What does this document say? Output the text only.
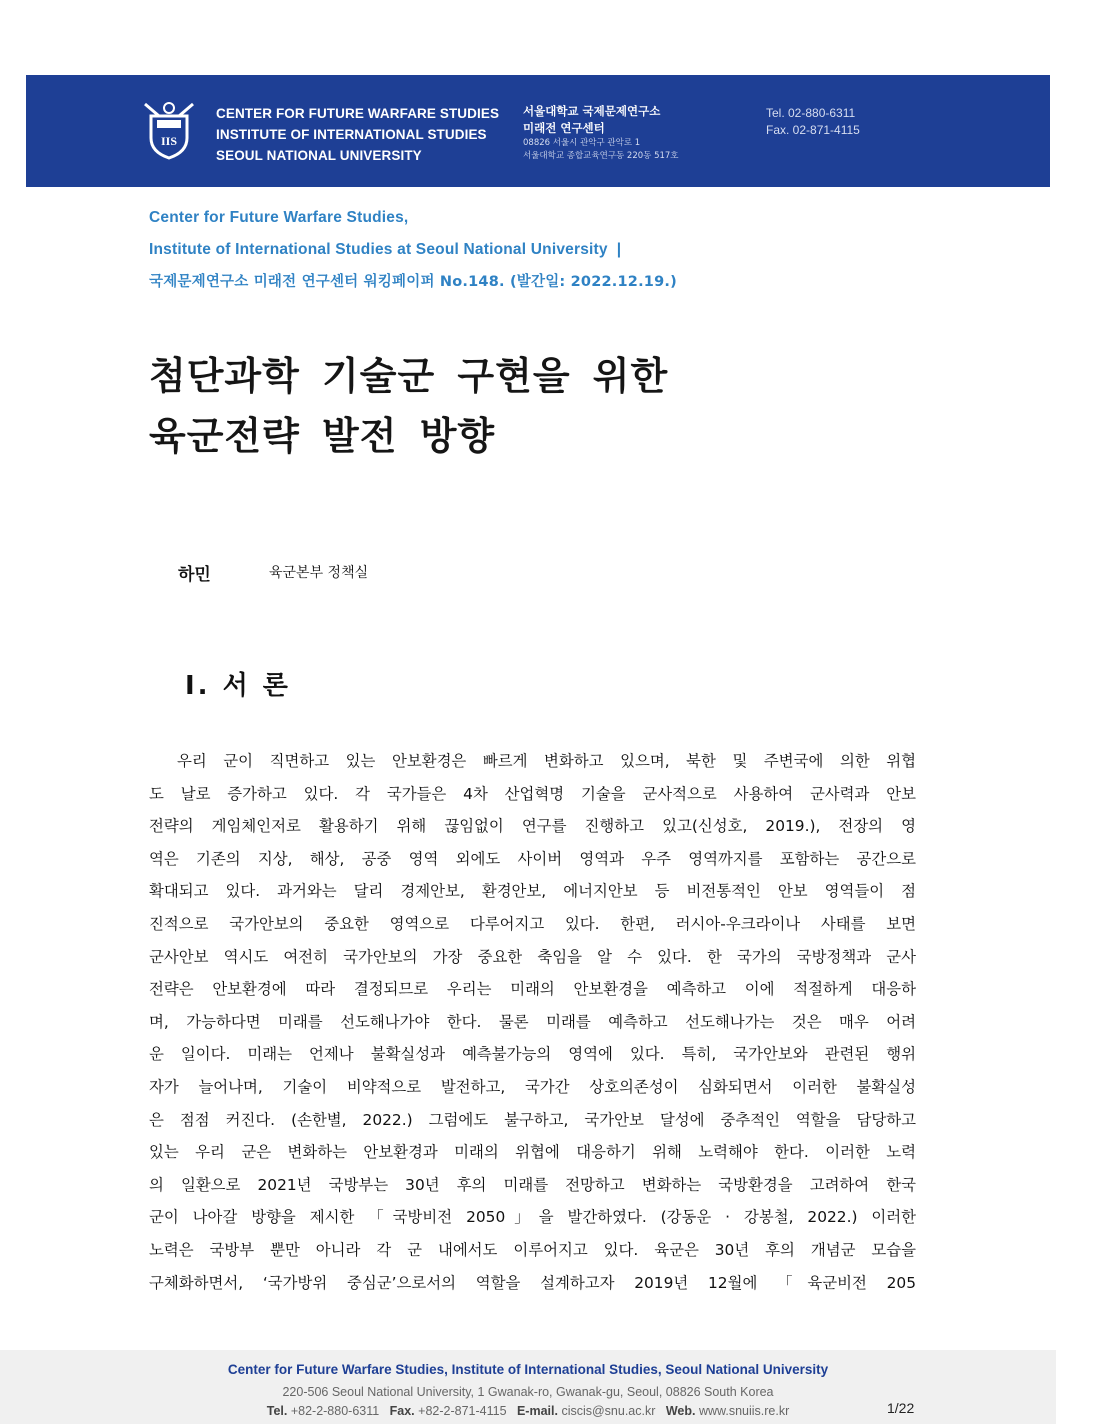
IIS
CENTER FOR FUTURE WARFARE STUDIES
INSTITUTE OF INTERNATIONAL STUDIES
SEOUL NATIONAL UNIVERSITY
서울대학교 국제문제연구소
미래전 연구센터
08826 서울시 관악구 관악로 1
서울대학교 종합교육연구동 220동 517호
Tel. 02-880-6311
Fax. 02-871-4115
Center for Future Warfare Studies,
Institute of International Studies at Seoul National University  |
국제문제연구소 미래전 연구센터 워킹페이퍼 No.148. (발간일: 2022.12.19.)
첨단과학 기술군 구현을 위한
육군전략 발전 방향
하민	육군본부 정책실
Ⅰ. 서 론
우리 군이 직면하고 있는 안보환경은 빠르게 변화하고 있으며, 북한 및 주변국에 의한 위협
도 날로 증가하고 있다. 각 국가들은 4차 산업혁명 기술을 군사적으로 사용하여 군사력과 안보
전략의 게임체인저로 활용하기 위해 끊임없이 연구를 진행하고 있고(신성호, 2019.), 전장의 영
역은 기존의 지상, 해상, 공중 영역 외에도 사이버 영역과 우주 영역까지를 포함하는 공간으로
확대되고 있다. 과거와는 달리 경제안보, 환경안보, 에너지안보 등 비전통적인 안보 영역들이 점
진적으로 국가안보의 중요한 영역으로 다루어지고 있다. 한편, 러시아-우크라이나 사태를 보면
군사안보 역시도 여전히 국가안보의 가장 중요한 축임을 알 수 있다. 한 국가의 국방정책과 군사
전략은 안보환경에 따라 결정되므로 우리는 미래의 안보환경을 예측하고 이에 적절하게 대응하
며, 가능하다면 미래를 선도해나가야 한다. 물론 미래를 예측하고 선도해나가는 것은 매우 어려
운 일이다. 미래는 언제나 불확실성과 예측불가능의 영역에 있다. 특히, 국가안보와 관련된 행위
자가 늘어나며, 기술이 비약적으로 발전하고, 국가간 상호의존성이 심화되면서 이러한 불확실성
은 점점 커진다. (손한별, 2022.) 그럼에도 불구하고, 국가안보 달성에 중추적인 역할을 담당하고
있는 우리 군은 변화하는 안보환경과 미래의 위협에 대응하기 위해 노력해야 한다. 이러한 노력
의 일환으로 2021년 국방부는 30년 후의 미래를 전망하고 변화하는 국방환경을 고려하여 한국
군이 나아갈 방향을 제시한 「국방비전 2050」을 발간하였다. (강동운 · 강봉철, 2022.) 이러한
노력은 국방부 뿐만 아니라 각 군 내에서도 이루어지고 있다. 육군은 30년 후의 개념군 모습을
구체화하면서, ‘국가방위 중심군’으로서의 역할을 설계하고자 2019년 12월에 「육군비전 205
Center for Future Warfare Studies, Institute of International Studies, Seoul National University
220-506 Seoul National University, 1 Gwanak-ro, Gwanak-gu, Seoul, 08826 South Korea
Tel. +82-2-880-6311 Fax. +82-2-871-4115 E-mail. ciscis@snu.ac.kr Web. www.snuiis.re.kr	1/22
